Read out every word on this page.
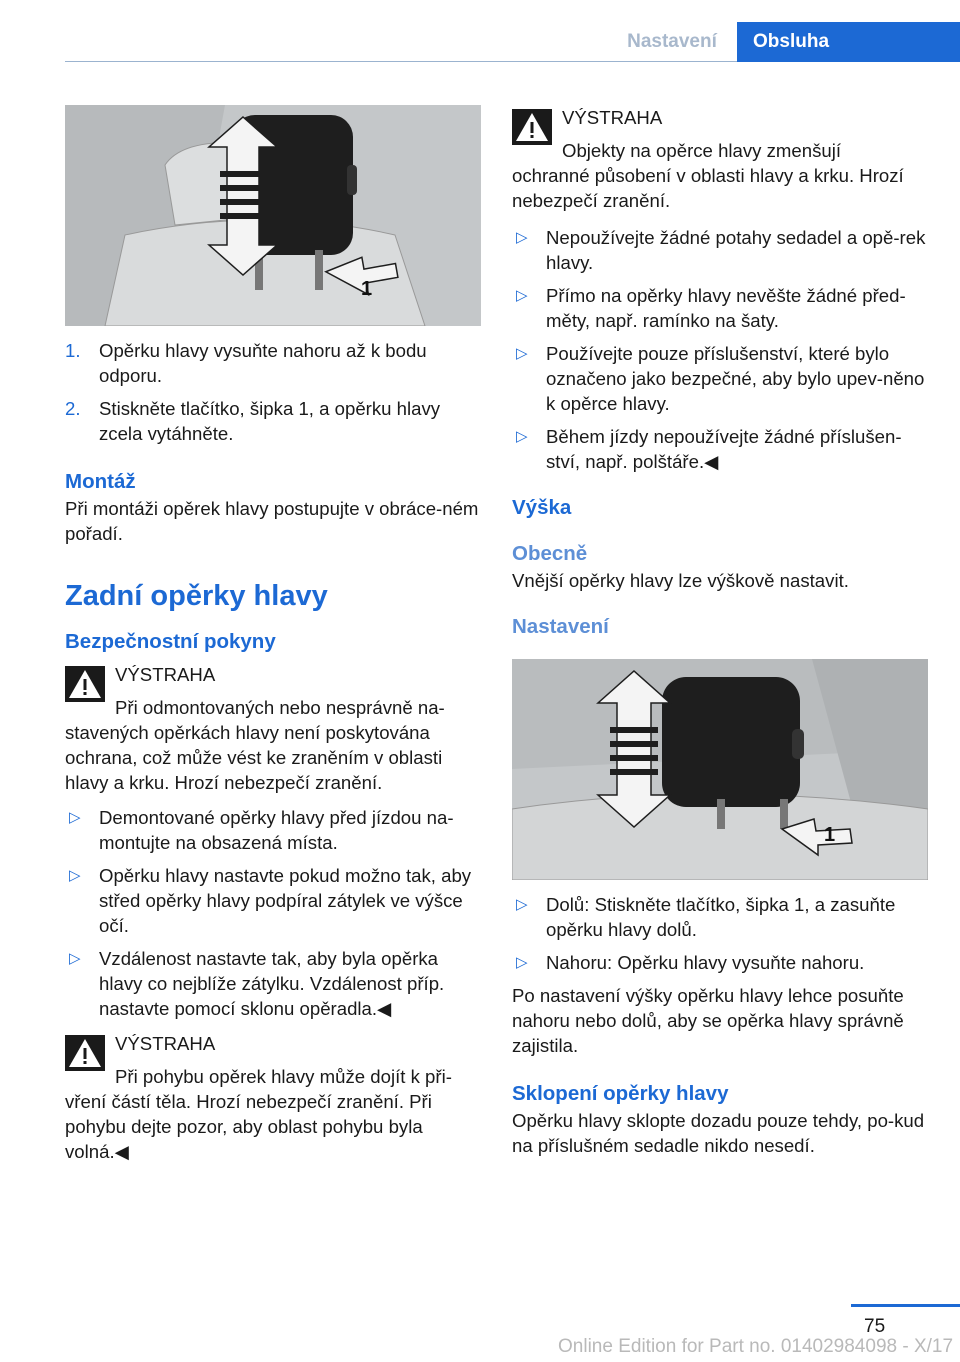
Nastavení	Obsluha
1
1. Opěrku hlavy vysuňte nahoru až k bodu odporu.
2. Stiskněte tlačítko, šipka 1, a opěrku hlavy zcela vytáhněte.
Montáž
Při montáži opěrek hlavy postupujte v obráce-ném pořadí.
Zadní opěrky hlavy
Bezpečnostní pokyny
VÝSTRAHA
Při odmontovaných nebo nesprávně na-
stavených opěrkách hlavy není poskytována ochrana, což může vést ke zraněním v oblasti hlavy a krku. Hrozí nebezpečí zranění.
▷ Demontované opěrky hlavy před jízdou na-montujte na obsazená místa.
▷ Opěrku hlavy nastavte pokud možno tak, aby střed opěrky hlavy podpíral zátylek ve výšce očí.
▷ Vzdálenost nastavte tak, aby byla opěrka hlavy co nejblíže zátylku. Vzdálenost příp. nastavte pomocí sklonu opěradla.◀
VÝSTRAHA
Při pohybu opěrek hlavy může dojít k při-
vření částí těla. Hrozí nebezpečí zranění. Při pohybu dejte pozor, aby oblast pohybu byla volná.◀
VÝSTRAHA
Objekty na opěrce hlavy zmenšují
ochranné působení v oblasti hlavy a krku. Hrozí nebezpečí zranění.
▷ Nepoužívejte žádné potahy sedadel a opě-rek hlavy.
▷ Přímo na opěrky hlavy nevěšte žádné před-měty, např. ramínko na šaty.
▷ Používejte pouze příslušenství, které bylo označeno jako bezpečné, aby bylo upev-něno k opěrce hlavy.
▷ Během jízdy nepoužívejte žádné příslušen-ství, např. polštáře.◀
Výška
Obecně
Vnější opěrky hlavy lze výškově nastavit.
Nastavení
1
▷ Dolů: Stiskněte tlačítko, šipka 1, a zasuňte opěrku hlavy dolů.
▷ Nahoru: Opěrku hlavy vysuňte nahoru.
Po nastavení výšky opěrku hlavy lehce posuňte nahoru nebo dolů, aby se opěrka hlavy správně zajistila.
Sklopení opěrky hlavy
Opěrku hlavy sklopte dozadu pouze tehdy, po-kud na příslušném sedadle nikdo nesedí.
75
Online Edition for Part no. 01402984098 - X/17
